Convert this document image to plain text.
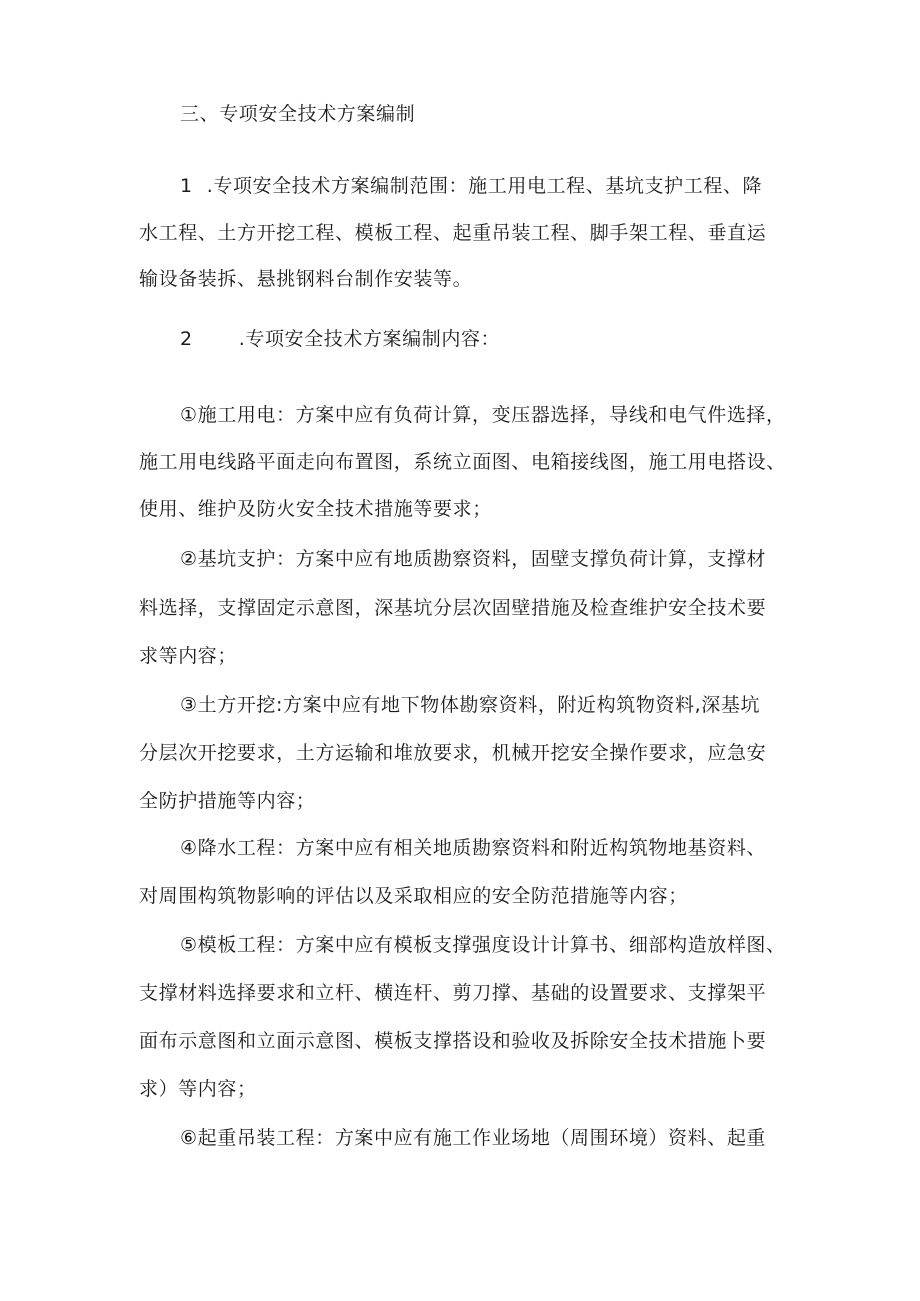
三、专项安全技术方案编制
1 .专项安全技术方案编制范围：施工用电工程、基坑支护工程、降
水工程、土方开挖工程、模板工程、起重吊装工程、脚手架工程、垂直运
输设备装拆、悬挑钢料台制作安装等。
2 .专项安全技术方案编制内容：
①施工用电：方案中应有负荷计算，变压器选择，导线和电气件选择，
施工用电线路平面走向布置图，系统立面图、电箱接线图，施工用电搭设、
使用、维护及防火安全技术措施等要求；
②基坑支护：方案中应有地质勘察资料，固壁支撑负荷计算，支撑材
料选择，支撑固定示意图，深基坑分层次固壁措施及检查维护安全技术要
求等内容；
③土方开挖:方案中应有地下物体勘察资料，附近构筑物资料,深基坑
分层次开挖要求，土方运输和堆放要求，机械开挖安全操作要求，应急安
全防护措施等内容；
④降水工程：方案中应有相关地质勘察资料和附近构筑物地基资料、
对周围构筑物影响的评估以及采取相应的安全防范措施等内容；
⑤模板工程：方案中应有模板支撑强度设计计算书、细部构造放样图、
支撑材料选择要求和立杆、横连杆、剪刀撑、基础的设置要求、支撑架平
面布示意图和立面示意图、模板支撑搭设和验收及拆除安全技术措施卜要
求）等内容；
⑥起重吊装工程：方案中应有施工作业场地（周围环境）资料、起重
